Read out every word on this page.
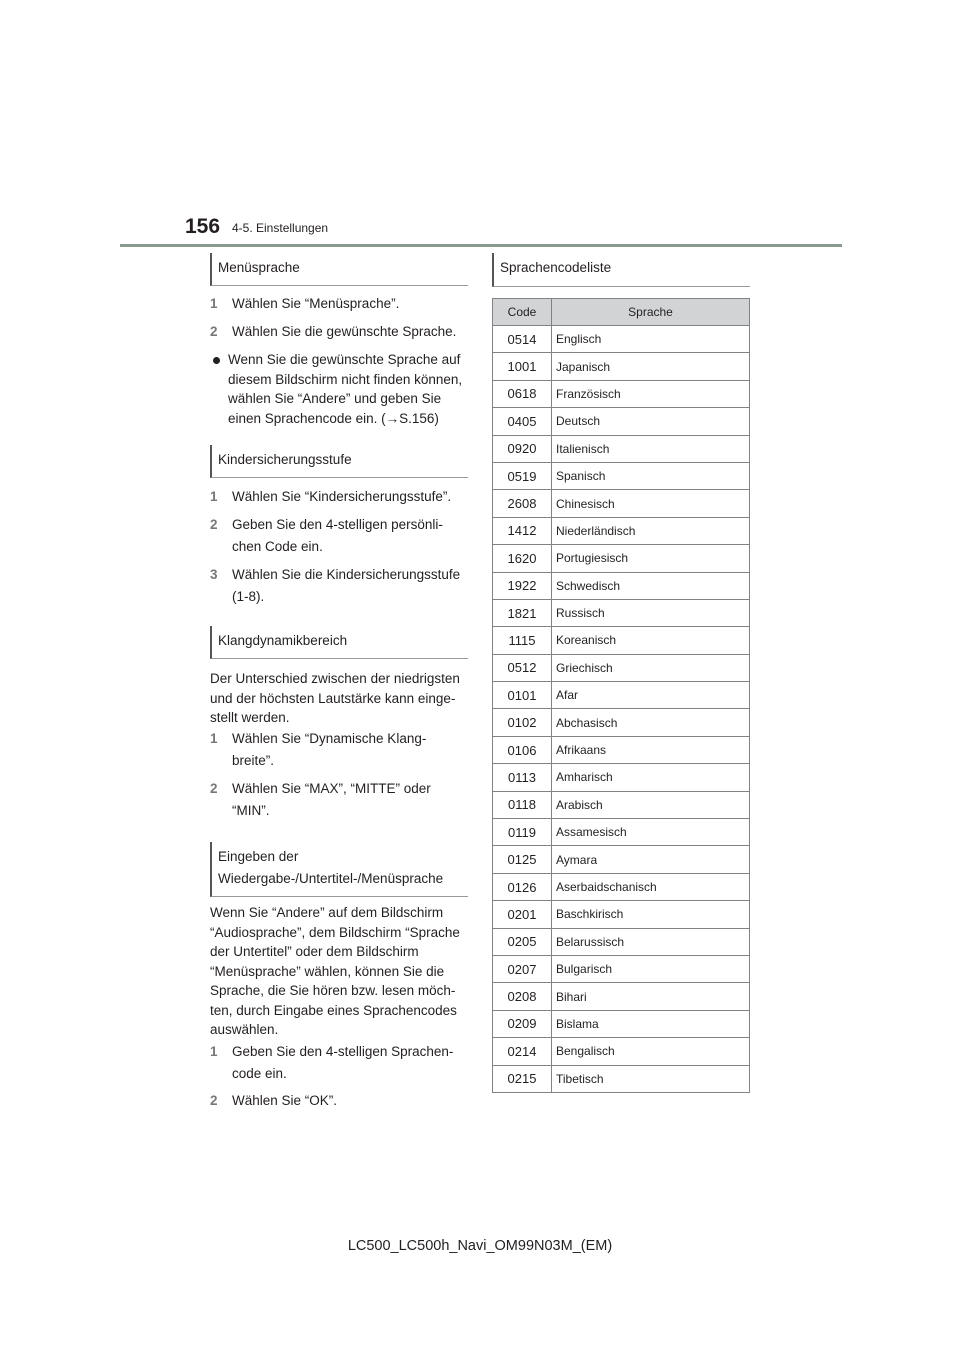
156 4-5. Einstellungen
Menüsprache
1 Wählen Sie “Menüsprache”.
2 Wählen Sie die gewünschte Sprache.
Wenn Sie die gewünschte Sprache auf diesem Bildschirm nicht finden können, wählen Sie “Andere” und geben Sie einen Sprachencode ein. (→S.156)
Kindersicherungsstufe
1 Wählen Sie “Kindersicherungsstufe”.
2 Geben Sie den 4-stelligen persönli-chen Code ein.
3 Wählen Sie die Kindersicherungsstufe (1-8).
Klangdynamikbereich
Der Unterschied zwischen der niedrigsten und der höchsten Lautstärke kann einge-stellt werden.
1 Wählen Sie “Dynamische Klang-breite”.
2 Wählen Sie “MAX”, “MITTE” oder “MIN”.
Eingeben der Wiedergabe-/Untertitel-/Menüsprache
Wenn Sie “Andere” auf dem Bildschirm “Audiosprache”, dem Bildschirm “Sprache der Untertitel” oder dem Bildschirm “Menüsprache” wählen, können Sie die Sprache, die Sie hören bzw. lesen möch-ten, durch Eingabe eines Sprachencodes auswählen.
1 Geben Sie den 4-stelligen Sprachen-code ein.
2 Wählen Sie “OK”.
Sprachencodeliste
Code	Sprache
0514	Englisch
1001	Japanisch
0618	Französisch
0405	Deutsch
0920	Italienisch
0519	Spanisch
2608	Chinesisch
1412	Niederländisch
1620	Portugiesisch
1922	Schwedisch
1821	Russisch
1115	Koreanisch
0512	Griechisch
0101	Afar
0102	Abchasisch
0106	Afrikaans
0113	Amharisch
0118	Arabisch
0119	Assamesisch
0125	Aymara
0126	Aserbaidschanisch
0201	Baschkirisch
0205	Belarussisch
0207	Bulgarisch
0208	Bihari
0209	Bislama
0214	Bengalisch
0215	Tibetisch
LC500_LC500h_Navi_OM99N03M_(EM)
